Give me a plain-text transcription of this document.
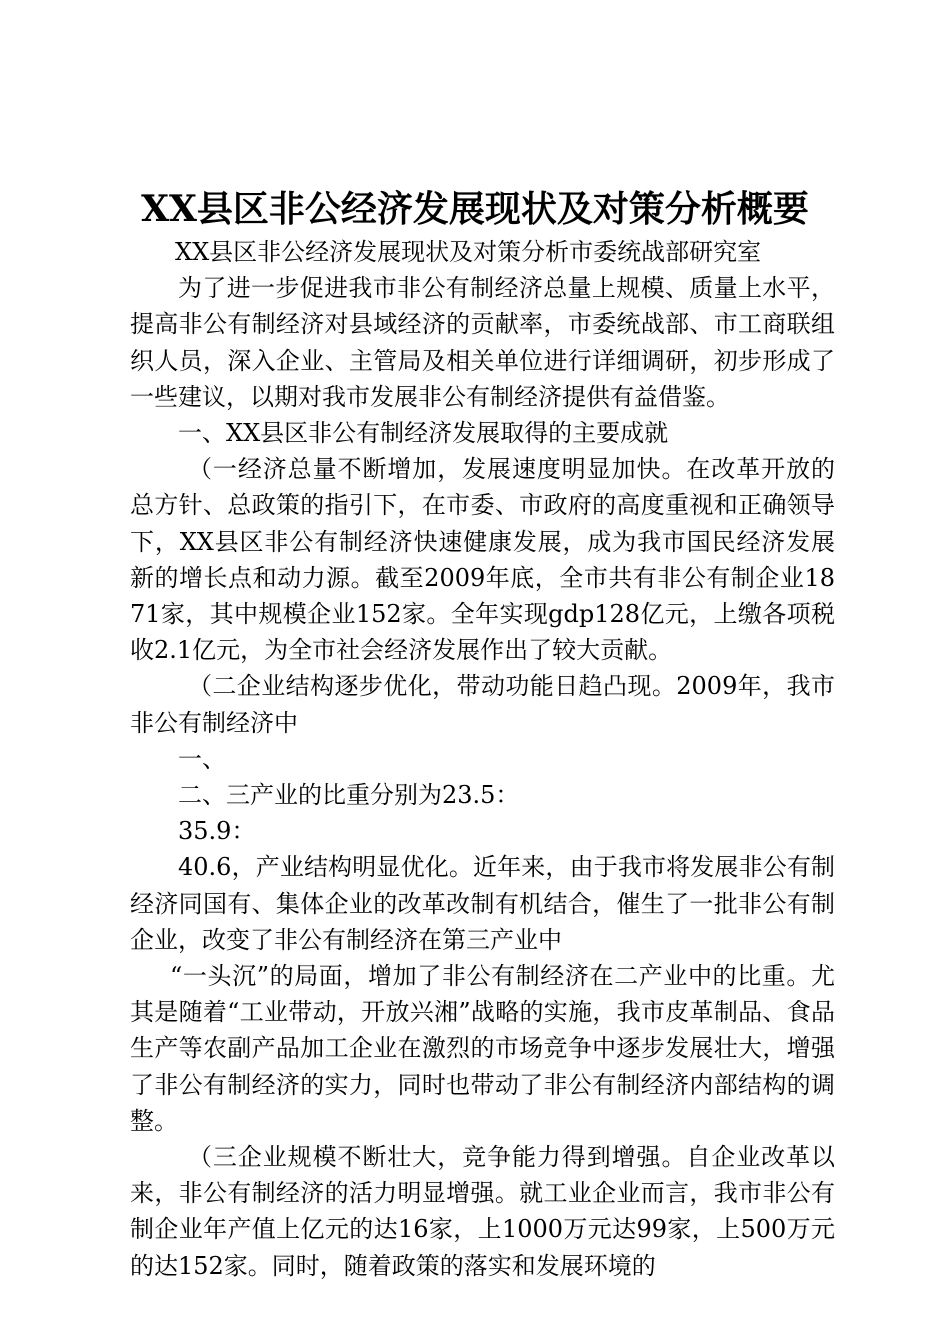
XX县区非公经济发展现状及对策分析概要

XX县区非公经济发展现状及对策分析市委统战部研究室

为了进一步促进我市非公有制经济总量上规模、质量上水平，提高非公有制经济对县域经济的贡献率，市委统战部、市工商联组织人员，深入企业、主管局及相关单位进行详细调研，初步形成了一些建议，以期对我市发展非公有制经济提供有益借鉴。

一、XX县区非公有制经济发展取得的主要成就

（一经济总量不断增加，发展速度明显加快。在改革开放的总方针、总政策的指引下，在市委、市政府的高度重视和正确领导下，XX县区非公有制经济快速健康发展，成为我市国民经济发展新的增长点和动力源。截至2009年底，全市共有非公有制企业1871家，其中规模企业152家。全年实现gdp128亿元，上缴各项税收2.1亿元，为全市社会经济发展作出了较大贡献。

（二企业结构逐步优化，带动功能日趋凸现。2009年，我市非公有制经济中

一、

二、三产业的比重分别为23.5：

35.9：

40.6，产业结构明显优化。近年来，由于我市将发展非公有制经济同国有、集体企业的改革改制有机结合，催生了一批非公有制企业，改变了非公有制经济在第三产业中

“一头沉”的局面，增加了非公有制经济在二产业中的比重。尤其是随着“工业带动，开放兴湘”战略的实施，我市皮革制品、食品生产等农副产品加工企业在激烈的市场竞争中逐步发展壮大，增强了非公有制经济的实力，同时也带动了非公有制经济内部结构的调整。

（三企业规模不断壮大，竞争能力得到增强。自企业改革以来，非公有制经济的活力明显增强。就工业企业而言，我市非公有制企业年产值上亿元的达16家，上1000万元达99家，上500万元的达152家。同时，随着政策的落实和发展环境的
